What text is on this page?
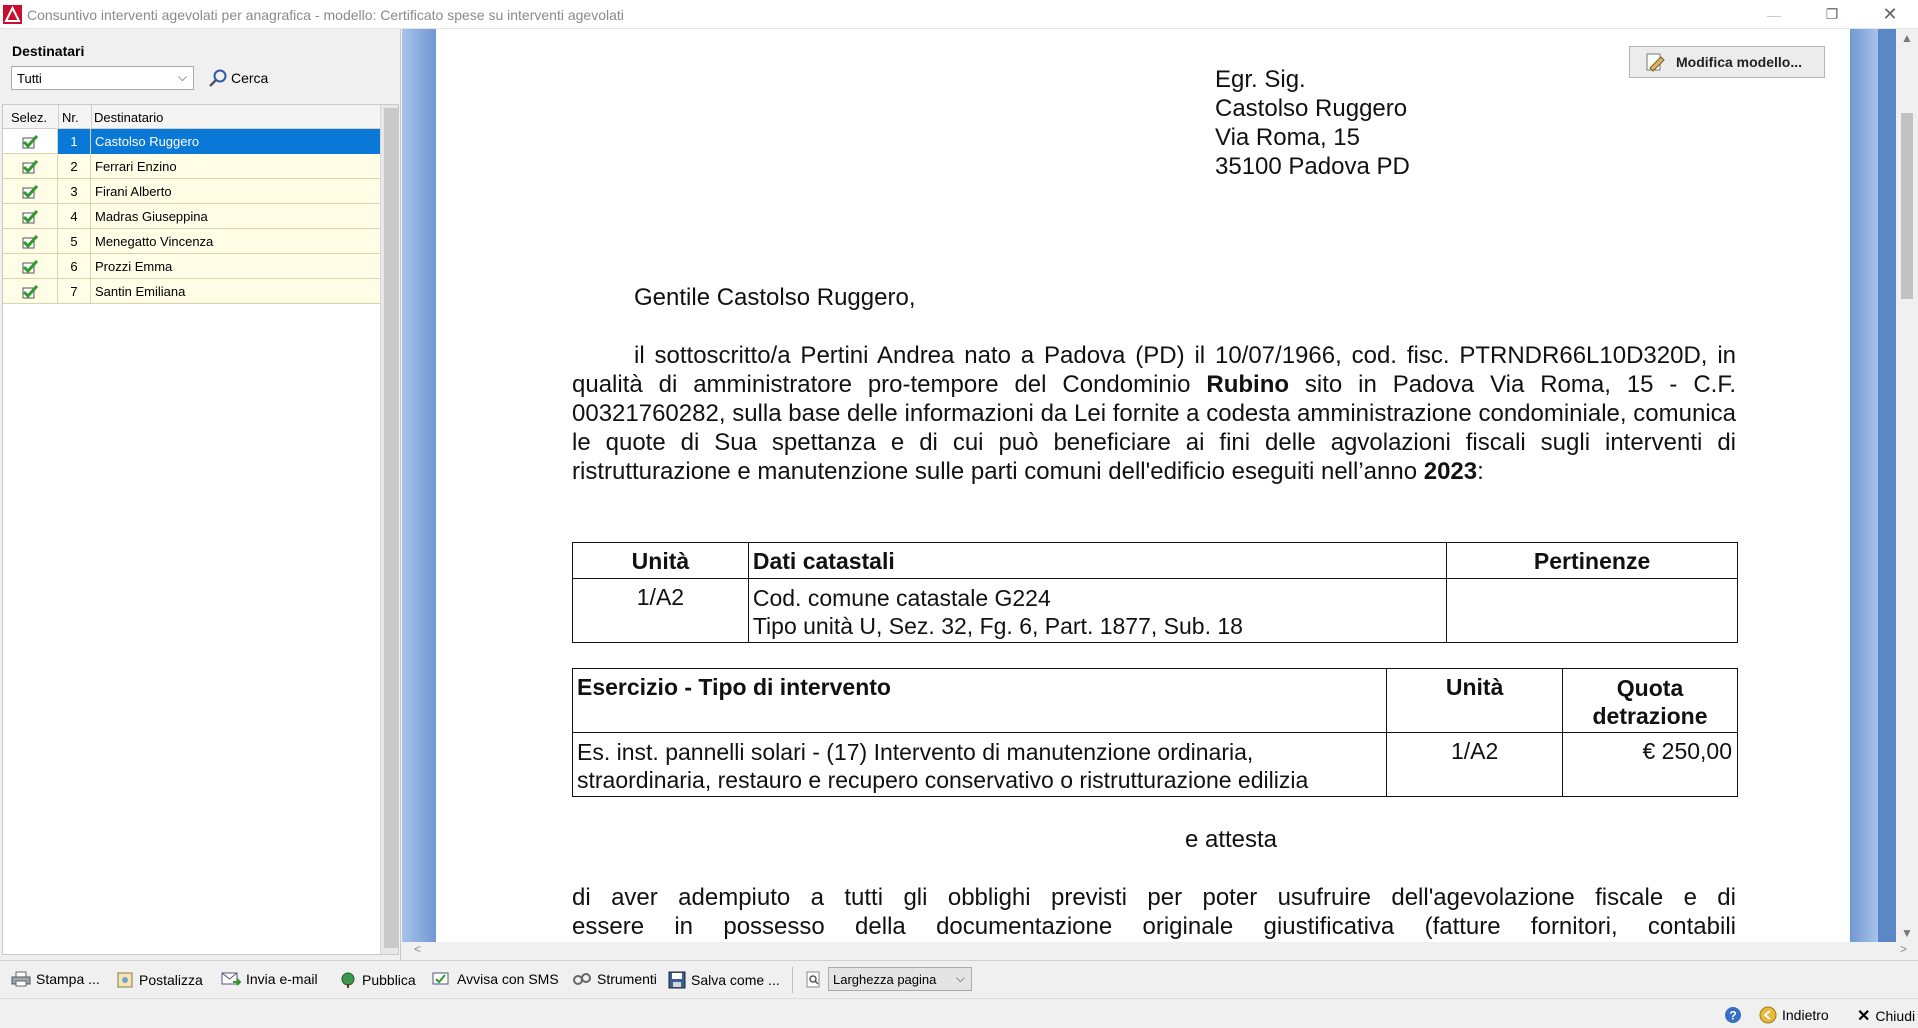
Consuntivo interventi agevolati per anagrafica - modello: Certificato spese su interventi agevolati	—	❐	✕
Destinatari
Tutti	⌵	Cerca
Selez. Nr. Destinatario
1	Castolso Ruggero
2	Ferrari Enzino
3	Firani Alberto
4	Madras Giuseppina
5	Menegatto Vincenza
6	Prozzi Emma
7	Santin Emiliana
Modifica modello...
Egr. Sig.
Castolso Ruggero
Via Roma, 15
35100 Padova PD
Gentile Castolso Ruggero,
il sottoscritto/a Pertini Andrea nato a Padova (PD) il 10/07/1966, cod. fisc. PTRNDR66L10D320D, in qualità di amministratore pro-tempore del Condominio Rubino sito in Padova Via Roma, 15 - C.F. 00321760282, sulla base delle informazioni da Lei fornite a codesta amministrazione condominiale, comunica le quote di Sua spettanza e di cui può beneficiare ai fini delle agvolazioni fiscali sugli interventi di ristrutturazione e manutenzione sulle parti comuni dell'edificio eseguiti nell’anno 2023:
Unità	Dati catastali	Pertinenze
1/A2	Cod. comune catastale G224
Tipo unità U, Sez. 32, Fg. 6, Part. 1877, Sub. 18	

Esercizio - Tipo di intervento	Unità	Quota detrazione

Es. inst. pannelli solari - (17) Intervento di manutenzione ordinaria,
straordinaria, restauro e recupero conservativo o ristrutturazione edilizia	1/A2	€ 250,00
e attesta
di aver adempiuto a tutti gli obblighi previsti per poter usufruire dell'agevolazione fiscale e di
essere in possesso della documentazione originale giustificativa (fatture fornitori, contabili
▲
▼
<	>
Stampa ...	Postalizza	Invia e-mail	Pubblica	Avvisa con SMS	Strumenti Salva come ...	Larghezza pagina ⌵
?	Indietro ✕ Chiudi
